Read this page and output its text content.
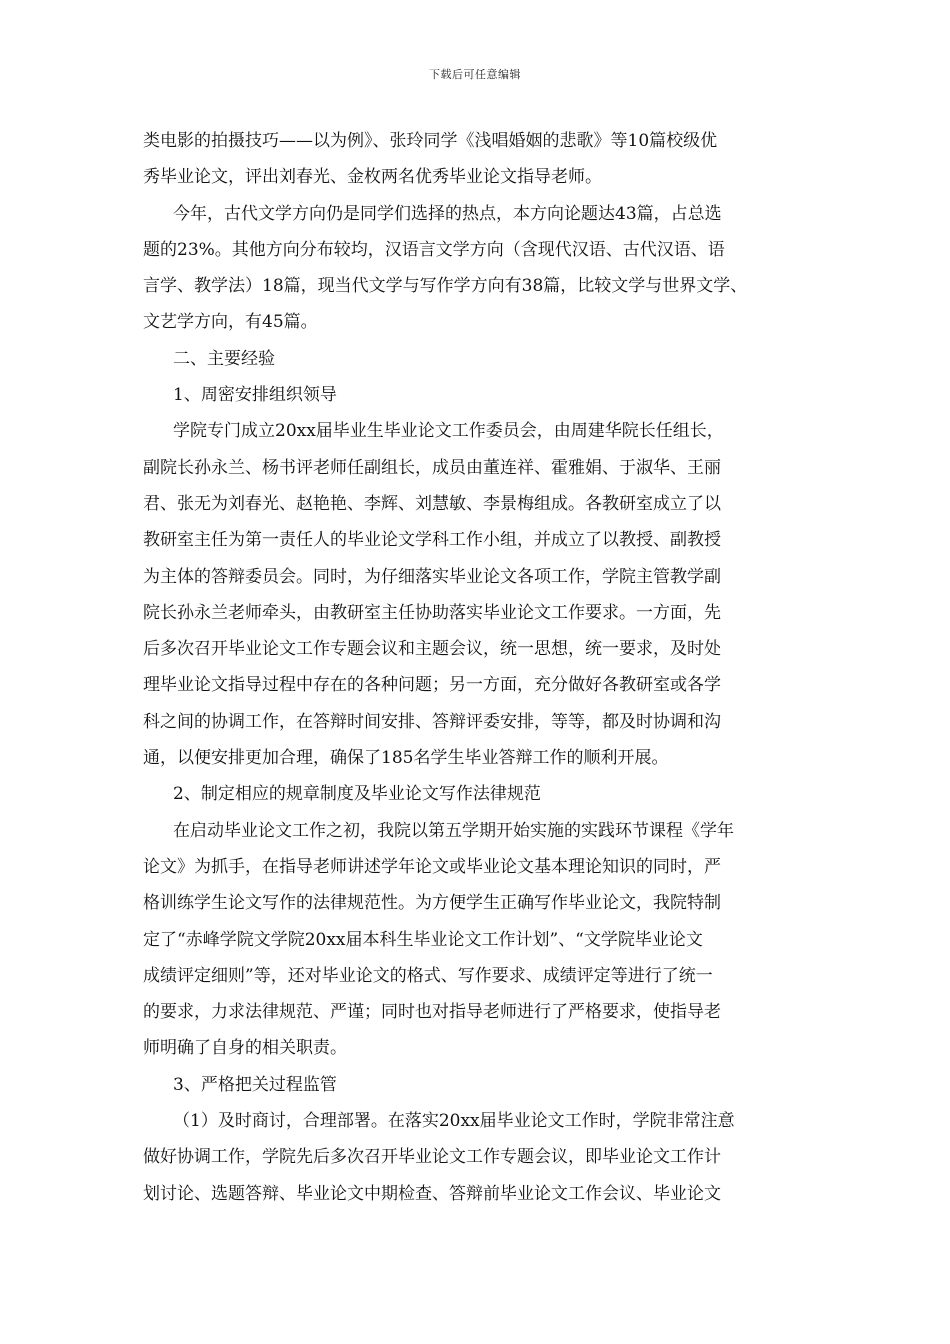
下载后可任意编辑
类电影的拍摄技巧——以为例》、张玲同学《浅唱婚姻的悲歌》等10篇校级优
秀毕业论文，评出刘春光、金枚两名优秀毕业论文指导老师。
今年，古代文学方向仍是同学们选择的热点，本方向论题达43篇，占总选
题的23%。其他方向分布较均，汉语言文学方向（含现代汉语、古代汉语、语
言学、教学法）18篇，现当代文学与写作学方向有38篇，比较文学与世界文学、
文艺学方向，有45篇。
二、主要经验
1、周密安排组织领导
学院专门成立20xx届毕业生毕业论文工作委员会，由周建华院长任组长，
副院长孙永兰、杨书评老师任副组长，成员由董连祥、霍雅娟、于淑华、王丽
君、张无为刘春光、赵艳艳、李辉、刘慧敏、李景梅组成。各教研室成立了以
教研室主任为第一责任人的毕业论文学科工作小组，并成立了以教授、副教授
为主体的答辩委员会。同时，为仔细落实毕业论文各项工作，学院主管教学副
院长孙永兰老师牵头，由教研室主任协助落实毕业论文工作要求。一方面，先
后多次召开毕业论文工作专题会议和主题会议，统一思想，统一要求，及时处
理毕业论文指导过程中存在的各种问题；另一方面，充分做好各教研室或各学
科之间的协调工作，在答辩时间安排、答辩评委安排，等等，都及时协调和沟
通，以便安排更加合理，确保了185名学生毕业答辩工作的顺利开展。
2、制定相应的规章制度及毕业论文写作法律规范
在启动毕业论文工作之初，我院以第五学期开始实施的实践环节课程《学年
论文》为抓手，在指导老师讲述学年论文或毕业论文基本理论知识的同时，严
格训练学生论文写作的法律规范性。为方便学生正确写作毕业论文，我院特制
定了“赤峰学院文学院20xx届本科生毕业论文工作计划”、“文学院毕业论文
成绩评定细则”等，还对毕业论文的格式、写作要求、成绩评定等进行了统一
的要求，力求法律规范、严谨；同时也对指导老师进行了严格要求，使指导老
师明确了自身的相关职责。
3、严格把关过程监管
（1）及时商讨，合理部署。在落实20xx届毕业论文工作时，学院非常注意
做好协调工作，学院先后多次召开毕业论文工作专题会议，即毕业论文工作计
划讨论、选题答辩、毕业论文中期检查、答辩前毕业论文工作会议、毕业论文
